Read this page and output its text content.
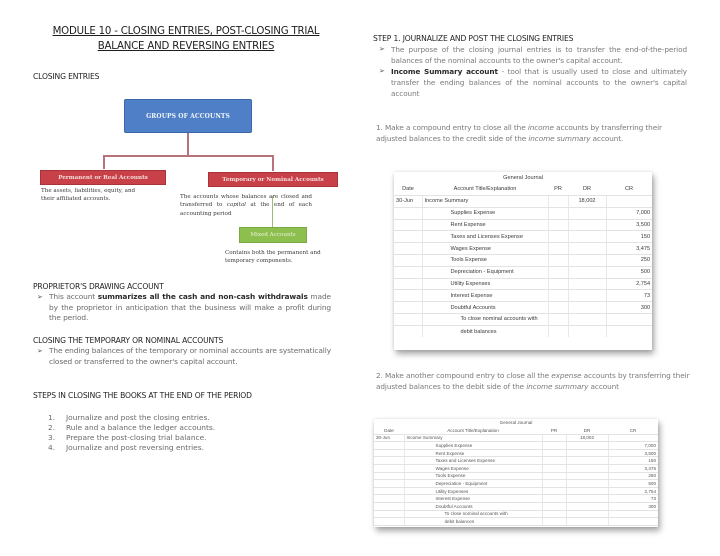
MODULE 10 - CLOSING ENTRIES, POST-CLOSING TRIAL
BALANCE AND REVERSING ENTRIES
CLOSING ENTRIES
GROUPS OF ACCOUNTS
Permanent or Real Accounts
The assets, liabilities, equity, and their affiliated accounts.
Temporary or Nominal Accounts
The accounts whose balances are closed and transferred to capital at the end of each accounting period
Mixed Accounts
Contains both the permanent and temporary components.
PROPRIETOR'S DRAWING ACCOUNT
➢ This account summarizes all the cash and non-cash withdrawals made by the proprietor in anticipation that the business will make a profit during the period.
CLOSING THE TEMPORARY OR NOMINAL ACCOUNTS
➢ The ending balances of the temporary or nominal accounts are systematically closed or transferred to the owner's capital account.
STEPS IN CLOSING THE BOOKS AT THE END OF THE PERIOD
1. Journalize and post the closing entries.
2. Rule and a balance the ledger accounts.
3. Prepare the post-closing trial balance.
4. Journalize and post reversing entries.
STEP 1. JOURNALIZE AND POST THE CLOSING ENTRIES
➢ The purpose of the closing journal entries is to transfer the end-of-the-period balances of the nominal accounts to the owner's capital account.
➢ Income Summary account - tool that is usually used to close and ultimately transfer the ending balances of the nominal accounts to the owner's capital account
1. Make a compound entry to close all the income accounts by transferring their adjusted balances to the credit side of the income summary account.
General Journal				
Date	Account Title/Explanation	PR	DR	CR
30-Jun	Income Summary		18,002	
	Supplies Expense			7,000
	Rent Expense			3,500
	Taxes and Licenses Expense			150
	Wages Expense			3,475
	Tools Expense			250
	Depreciation - Equipment			500
	Utility Expenses			2,754
	Interest Expense			73
	Doubtful Accounts			300
	To close nominal accounts with			
	debit balances			
2. Make another compound entry to close all the expense accounts by transferring their adjusted balances to the debit side of the income summary account
General Journal				
Date	Account Title/Explanation	PR	DR	CR
30-Jun	Income Summary		18,002	
	Supplies Expense			7,000
	Rent Expense			3,500
	Taxes and Licenses Expense			150
	Wages Expense			3,475
	Tools Expense			250
	Depreciation - Equipment			500
	Utility Expenses			2,754
	Interest Expense			73
	Doubtful Accounts			300
	To close nominal accounts with			
	debit balances			
